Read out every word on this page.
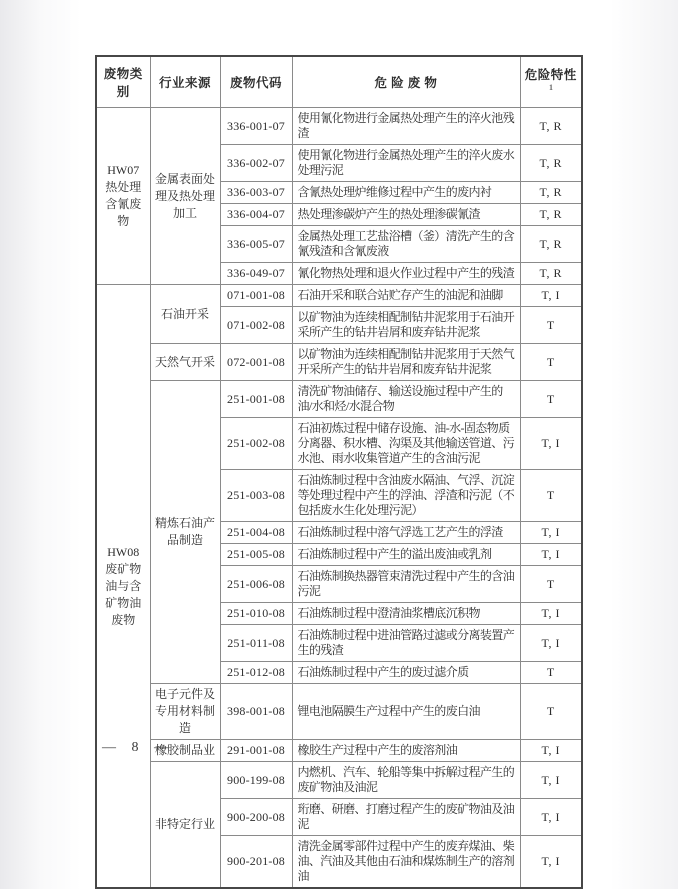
废物类别	行业来源	废物代码	危 险 废 物	危险特性$^1$
HW07 热处理含氰废物	金属表面处理及热处理加工	336-001-07	使用氰化物进行金属热处理产生的淬火池残渣	T, R
		336-002-07	使用氰化物进行金属热处理产生的淬火废水处理污泥	T, R
		336-003-07	含氰热处理炉维修过程中产生的废内衬	T, R
		336-004-07	热处理渗碳炉产生的热处理渗碳氰渣	T, R
		336-005-07	金属热处理工艺盐浴槽（釜）清洗产生的含氰残渣和含氰废液	T, R
		336-049-07	氰化物热处理和退火作业过程中产生的残渣	T, R
HW08 废矿物油与含矿物油废物	石油开采	071-001-08	石油开采和联合站贮存产生的油泥和油脚	T, I
		071-002-08	以矿物油为连续相配制钻井泥浆用于石油开采所产生的钻井岩屑和废弃钻井泥浆	T
	天然气开采	072-001-08	以矿物油为连续相配制钻井泥浆用于天然气开采所产生的钻井岩屑和废弃钻井泥浆	T
	精炼石油产品制造	251-001-08	清洗矿物油储存、输送设施过程中产生的油/水和烃/水混合物	T
		251-002-08	石油初炼过程中储存设施、油-水-固态物质分离器、积水槽、沟渠及其他输送管道、污水池、雨水收集管道产生的含油污泥	T, I
		251-003-08	石油炼制过程中含油废水隔油、气浮、沉淀等处理过程中产生的浮油、浮渣和污泥（不包括废水生化处理污泥）	T
		251-004-08	石油炼制过程中溶气浮选工艺产生的浮渣	T, I
		251-005-08	石油炼制过程中产生的溢出废油或乳剂	T, I
		251-006-08	石油炼制换热器管束清洗过程中产生的含油污泥	T
		251-010-08	石油炼制过程中澄清油浆槽底沉积物	T, I
		251-011-08	石油炼制过程中进油管路过滤或分离装置产生的残渣	T, I
		251-012-08	石油炼制过程中产生的废过滤介质	T
	电子元件及专用材料制造	398-001-08	锂电池隔膜生产过程中产生的废白油	T
	橡胶制品业	291-001-08	橡胶生产过程中产生的废溶剂油	T, I
	非特定行业	900-199-08	内燃机、汽车、轮船等集中拆解过程产生的废矿物油及油泥	T, I
		900-200-08	珩磨、研磨、打磨过程产生的废矿物油及油泥	T, I
		900-201-08	清洗金属零部件过程中产生的废弃煤油、柴油、汽油及其他由石油和煤炼制生产的溶剂油	T, I
— 8 —
